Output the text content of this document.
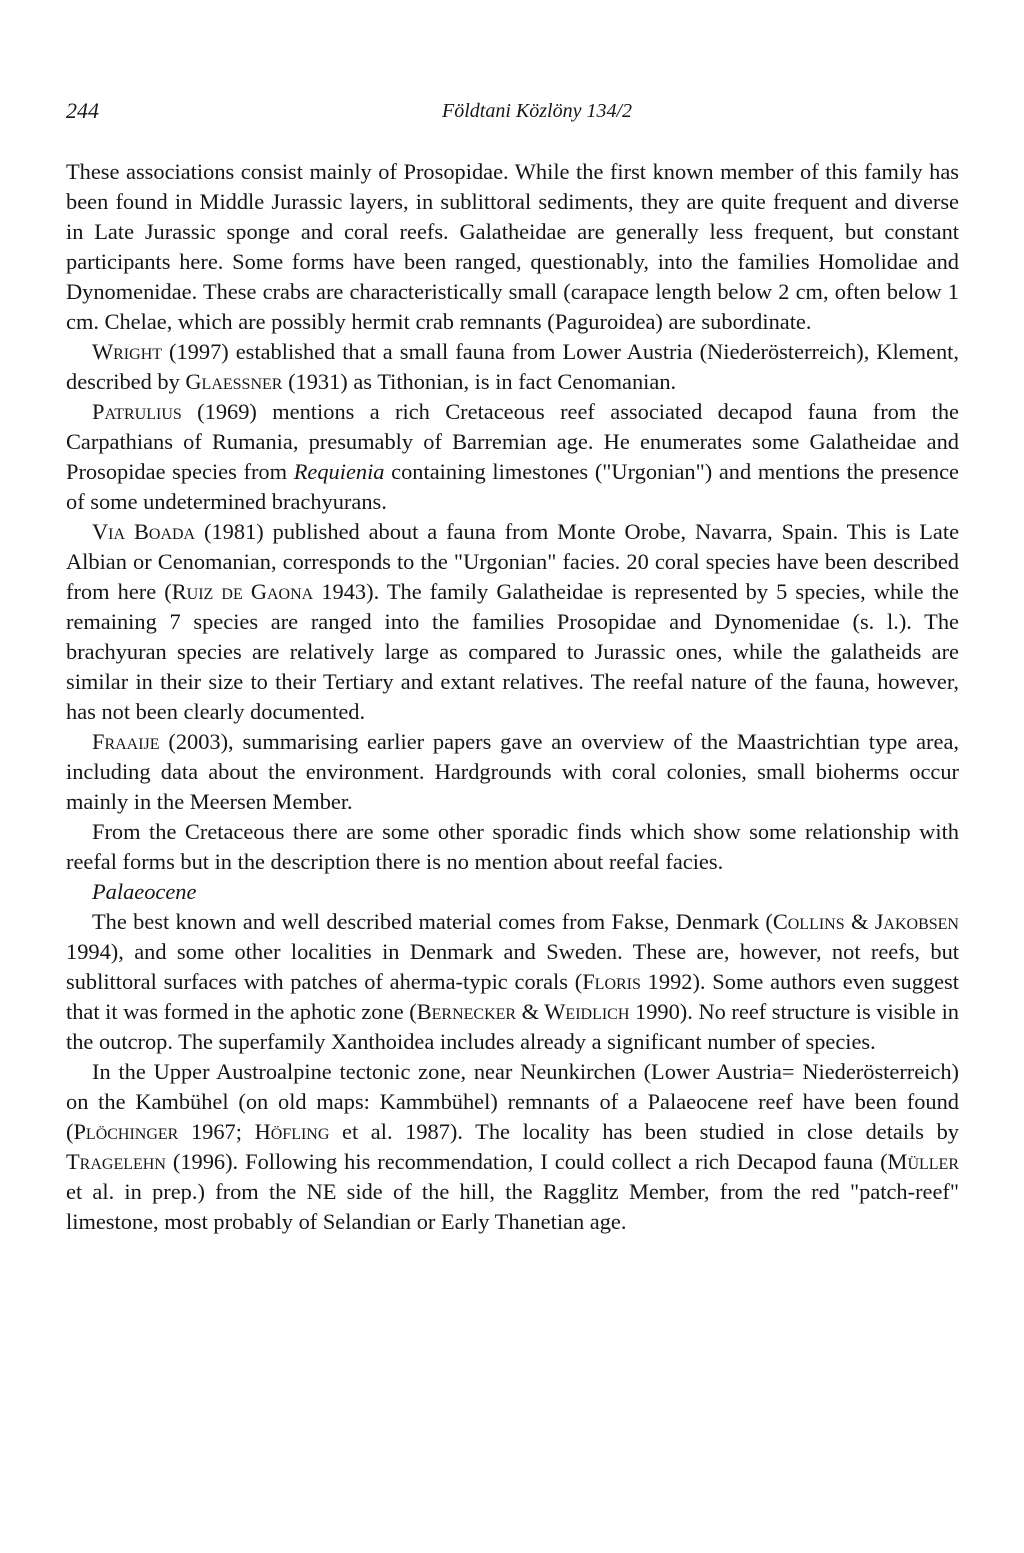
244	Földtani Közlöny 134/2

These associations consist mainly of Prosopidae. While the first known member of this family has been found in Middle Jurassic layers, in sublittoral sediments, they are quite frequent and diverse in Late Jurassic sponge and coral reefs. Galatheidae are generally less frequent, but constant participants here. Some forms have been ranged, questionably, into the families Homolidae and Dynomenidae. These crabs are characteristically small (carapace length below 2 cm, often below 1 cm. Chelae, which are possibly hermit crab remnants (Paguroidea) are subordinate.

Wright (1997) established that a small fauna from Lower Austria (Niederösterreich), Klement, described by Glaessner (1931) as Tithonian, is in fact Cenomanian.

Patrulius (1969) mentions a rich Cretaceous reef associated decapod fauna from the Carpathians of Rumania, presumably of Barremian age. He enumerates some Galatheidae and Prosopidae species from Requienia containing limestones ("Urgonian") and mentions the presence of some undetermined brachyurans.

Via Boada (1981) published about a fauna from Monte Orobe, Navarra, Spain. This is Late Albian or Cenomanian, corresponds to the "Urgonian" facies. 20 coral species have been described from here (Ruiz de Gaona 1943). The family Galatheidae is represented by 5 species, while the remaining 7 species are ranged into the families Prosopidae and Dynomenidae (s. l.). The brachyuran species are relatively large as compared to Jurassic ones, while the galatheids are similar in their size to their Tertiary and extant relatives. The reefal nature of the fauna, however, has not been clearly documented.

Fraaije (2003), summarising earlier papers gave an overview of the Maastrichtian type area, including data about the environment. Hardgrounds with coral colonies, small bioherms occur mainly in the Meersen Member.

From the Cretaceous there are some other sporadic finds which show some relationship with reefal forms but in the description there is no mention about reefal facies.

Palaeocene

The best known and well described material comes from Fakse, Denmark (Collins & Jakobsen 1994), and some other localities in Denmark and Sweden. These are, however, not reefs, but sublittoral surfaces with patches of aherma-typic corals (Floris 1992). Some authors even suggest that it was formed in the aphotic zone (Bernecker & Weidlich 1990). No reef structure is visible in the outcrop. The superfamily Xanthoidea includes already a significant number of species.

In the Upper Austroalpine tectonic zone, near Neunkirchen (Lower Austria= Niederösterreich) on the Kambühel (on old maps: Kammbühel) remnants of a Palaeocene reef have been found (Plöchinger 1967; Höfling et al. 1987). The locality has been studied in close details by Tragelehn (1996). Following his recommendation, I could collect a rich Decapod fauna (Müller et al. in prep.) from the NE side of the hill, the Ragglitz Member, from the red "patch-reef" limestone, most probably of Selandian or Early Thanetian age.
